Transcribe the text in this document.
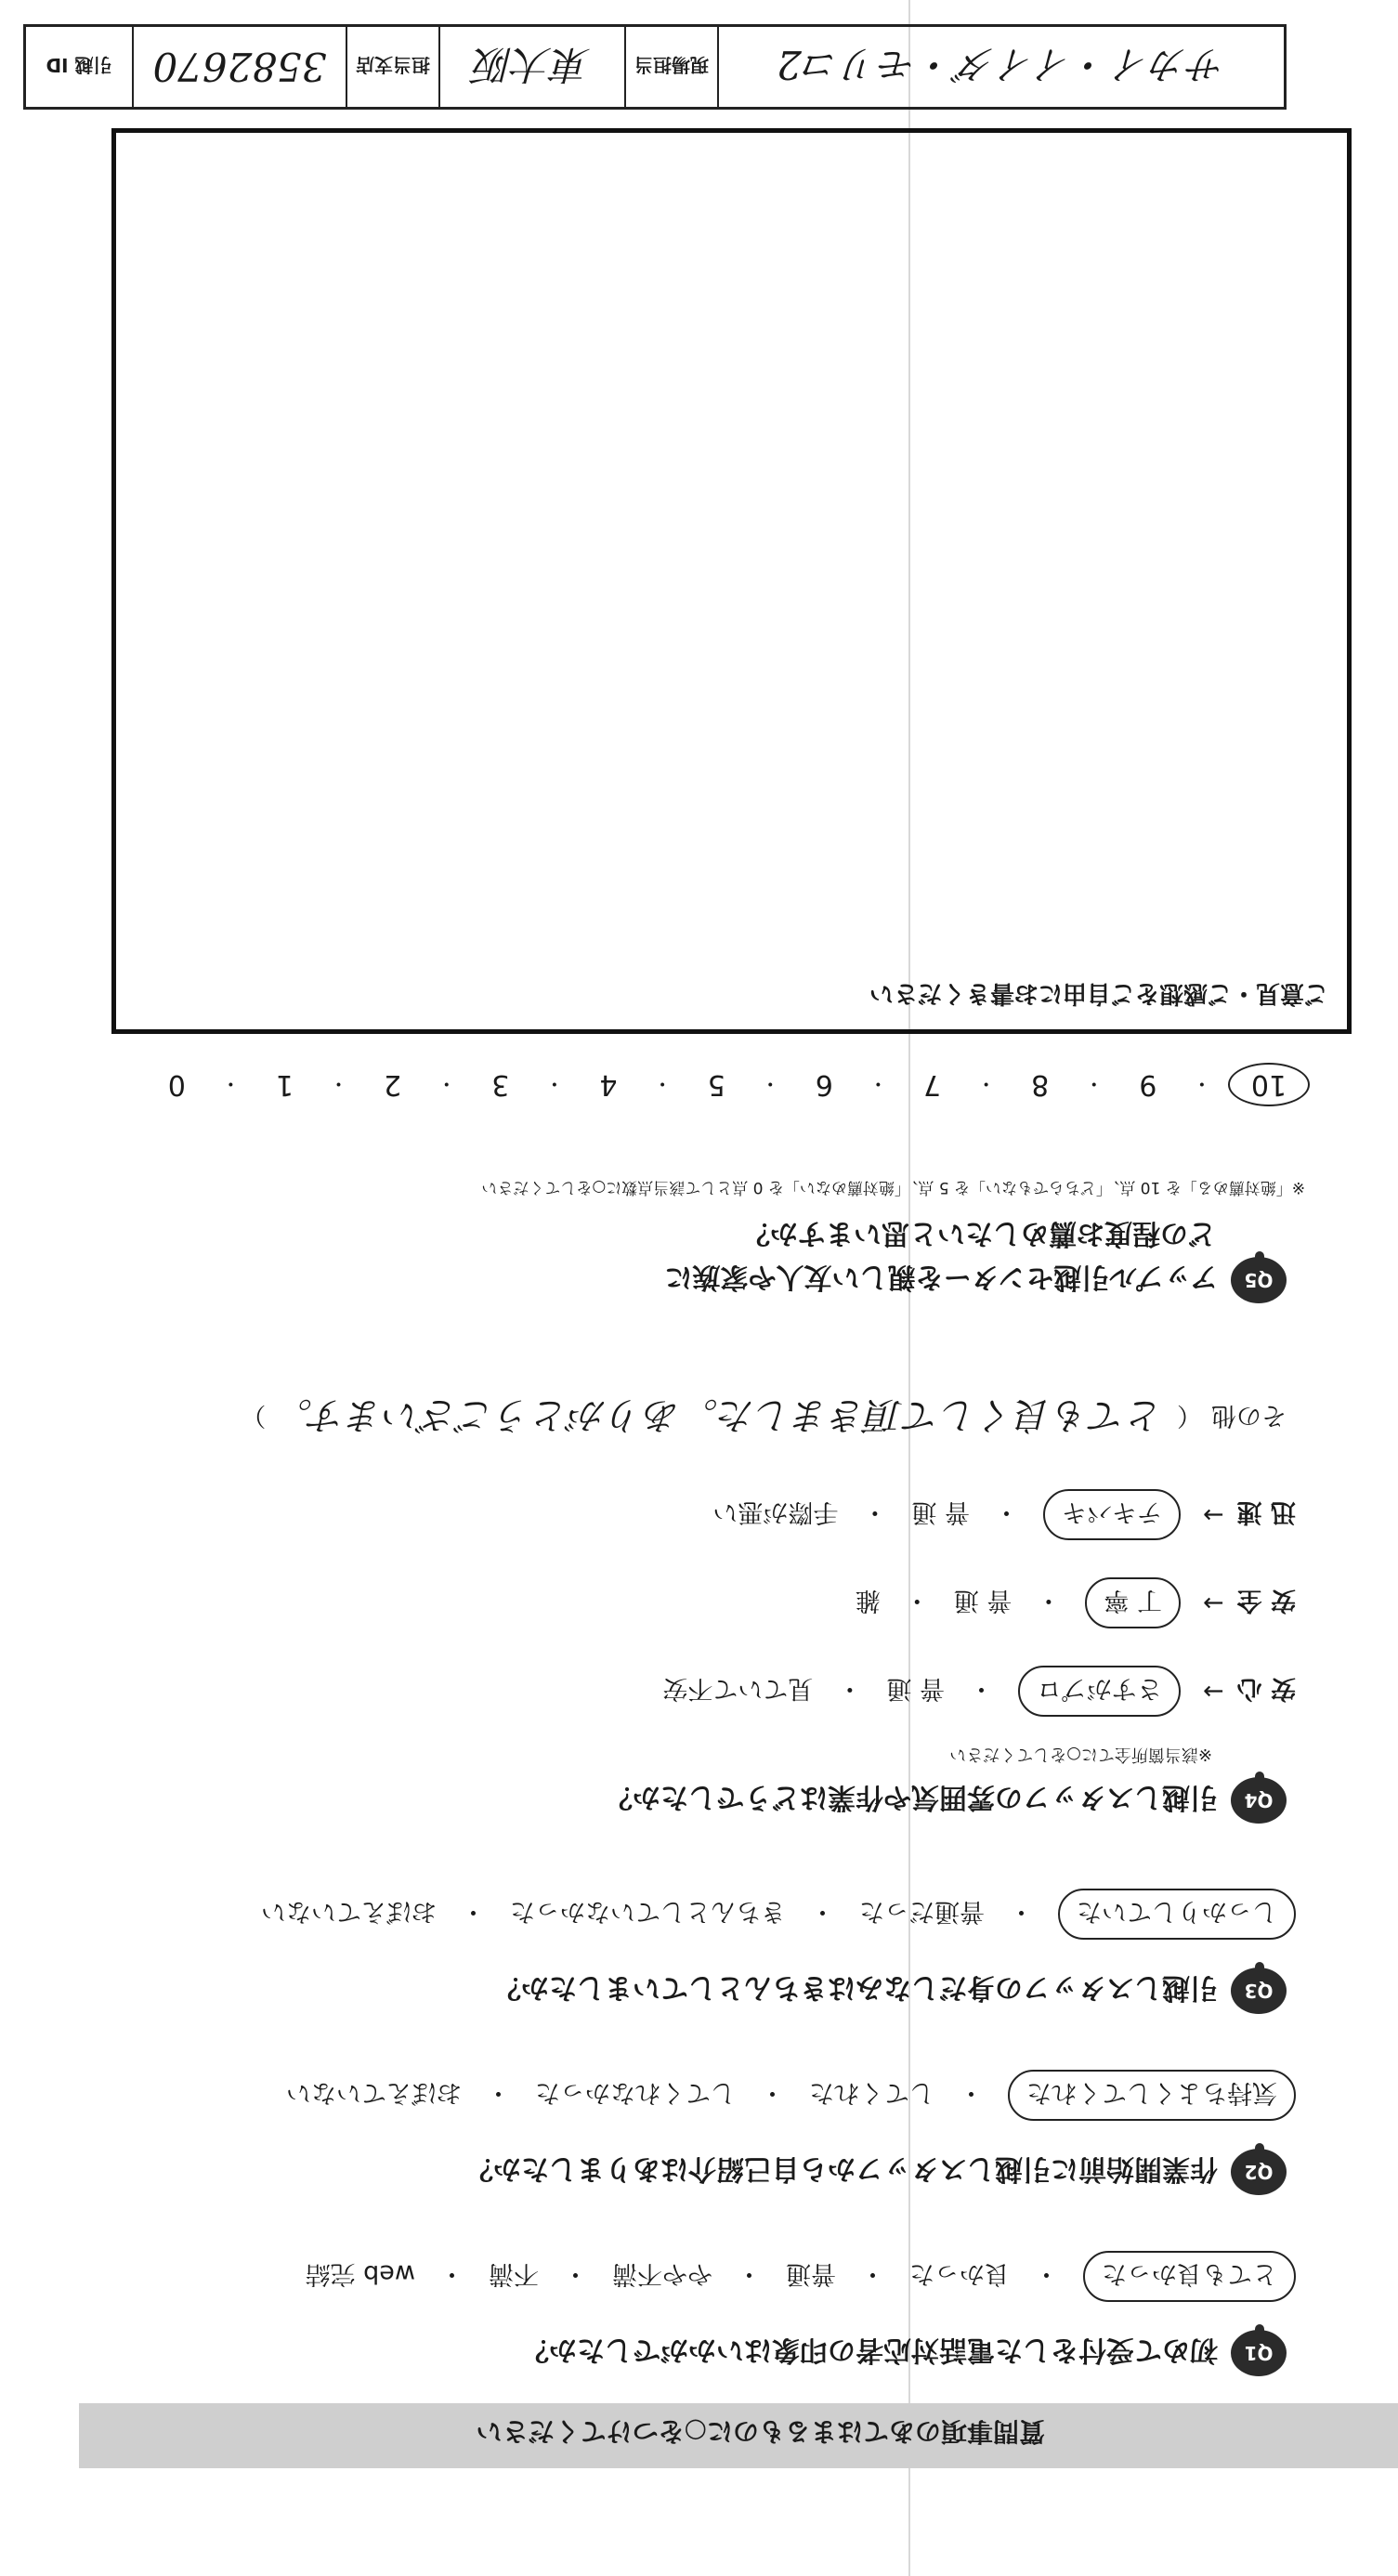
質問事項のあてはまるものに○をつけてください
Q1
初めて受付をした電話対応者の印象はいかがでしたか？
とても良かった
・
良かった
・
普通
・
やや不満
・
不満
・
web 完結
Q2
作業開始前に引越しスタッフから自己紹介はありましたか？
気持ちよくしてくれた
・
してくれた
・
してくれなかった
・
おぼえていない
Q3
引越しスタッフの身だしなみはきちんとしていましたか？
しっかりしていた
・
普通だった
・
きちんとしていなかった
・
おぼえていない
Q4
引越しスタッフの雰囲気や作業はどうでしたか？
※該当箇所全てに○をしてください
安 心
→
さすがプロ
・
普 通
・
見ていて不安
安 全
→
丁 寧
・
普 通
・
雑
迅 速
→
テキパキ
・
普 通
・
手際が悪い
その他
（
とても良くして頂きました。ありがとうございます。
）
Q5
アップル引越センターを親しい友人や家族に
どの程度お薦めしたいと思いますか？
※「絶対薦める」を 10 点、「どちらでもない」を 5 点、「絶対薦めない」を 0 点として該当点数に○をしてください
10
・
9
・
8
・
7
・
6
・
5
・
4
・
3
・
2
・
1
・
0
ご意見・ご感想をご自由にお書きください
サカイ・イイダ・モリコ2
現場担当
東大阪
担当支店
3582670
引越 ID
